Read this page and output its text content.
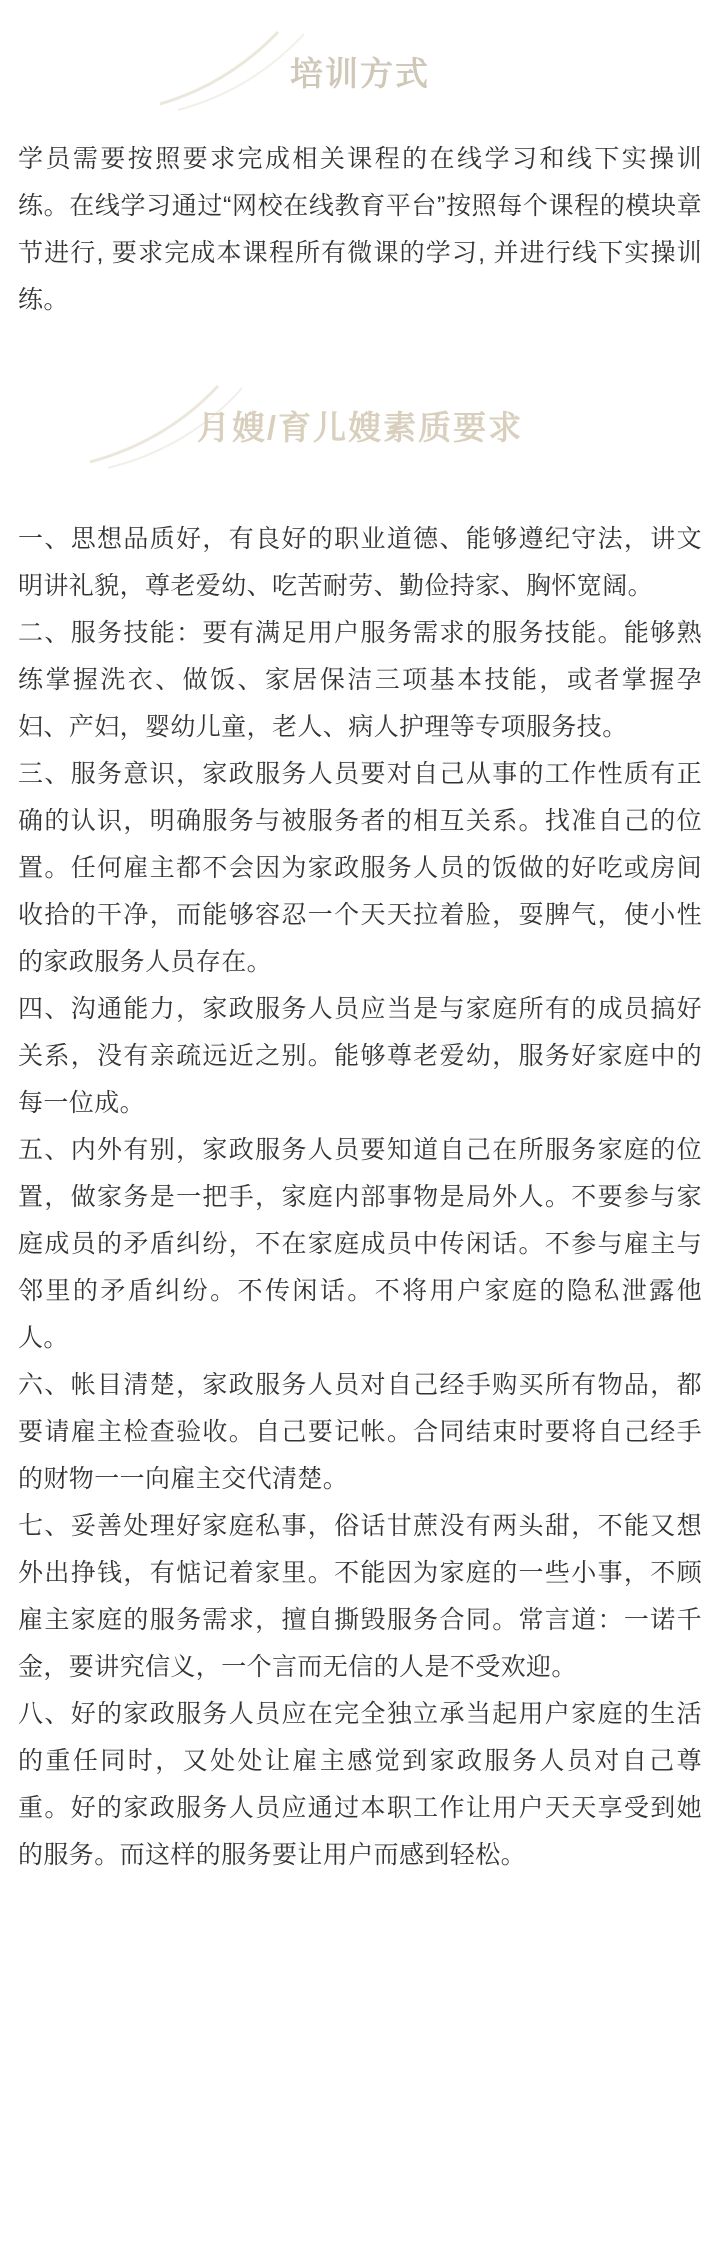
培训方式

学员需要按照要求完成相关课程的在线学习和线下实操训练。在线学习通过“网校在线教育平台”按照每个课程的模块章节进行, 要求完成本课程所有微课的学习, 并进行线下实操训练。

月嫂/育儿嫂素质要求

一、思想品质好，有良好的职业道德、能够遵纪守法，讲文明讲礼貌，尊老爱幼、吃苦耐劳、勤俭持家、胸怀宽阔。

二、服务技能：要有满足用户服务需求的服务技能。能够熟练掌握洗衣、做饭、家居保洁三项基本技能，或者掌握孕妇、产妇，婴幼儿童，老人、病人护理等专项服务技。

三、服务意识，家政服务人员要对自己从事的工作性质有正确的认识，明确服务与被服务者的相互关系。找准自己的位置。任何雇主都不会因为家政服务人员的饭做的好吃或房间收拾的干净，而能够容忍一个天天拉着脸，耍脾气，使小性的家政服务人员存在。

四、沟通能力，家政服务人员应当是与家庭所有的成员搞好关系，没有亲疏远近之别。能够尊老爱幼，服务好家庭中的每一位成。

五、内外有别，家政服务人员要知道自己在所服务家庭的位置，做家务是一把手，家庭内部事物是局外人。不要参与家庭成员的矛盾纠纷，不在家庭成员中传闲话。不参与雇主与邻里的矛盾纠纷。不传闲话。不将用户家庭的隐私泄露他人。

六、帐目清楚，家政服务人员对自己经手购买所有物品，都要请雇主检查验收。自己要记帐。合同结束时要将自己经手的财物一一向雇主交代清楚。

七、妥善处理好家庭私事，俗话甘蔗没有两头甜，不能又想外出挣钱，有惦记着家里。不能因为家庭的一些小事，不顾雇主家庭的服务需求，擅自撕毁服务合同。常言道：一诺千金，要讲究信义，一个言而无信的人是不受欢迎。

八、好的家政服务人员应在完全独立承当起用户家庭的生活的重任同时，又处处让雇主感觉到家政服务人员对自己尊重。好的家政服务人员应通过本职工作让用户天天享受到她的服务。而这样的服务要让用户而感到轻松。
